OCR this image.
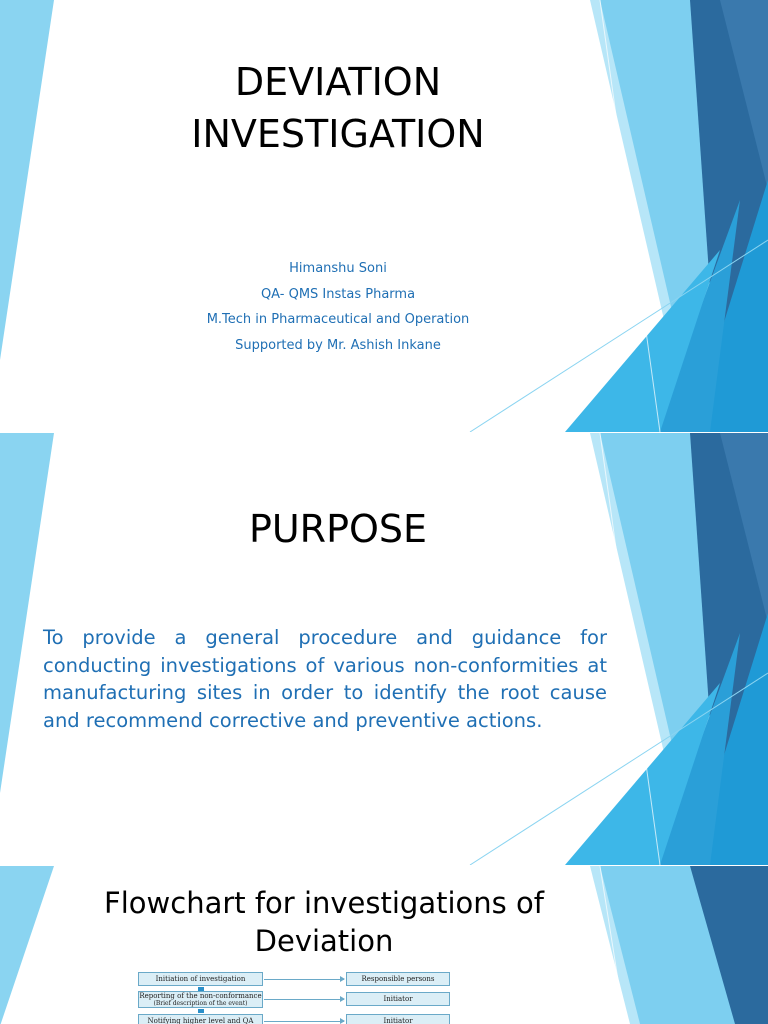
DEVIATION
INVESTIGATION
Himanshu Soni
QA- QMS Instas Pharma
M.Tech in Pharmaceutical and Operation
Supported by Mr. Ashish Inkane
PURPOSE

To provide a general procedure and guidance for conducting investigations of various non-conformities at manufacturing sites in order to identify the root cause and recommend corrective and preventive actions.

Flowchart for investigations of
Deviation
Initiation of investigation	Responsible persons
Reporting of the non-conformance
(Brief description of the event)
Initiator
Notifying higher level and QA	Initiator
